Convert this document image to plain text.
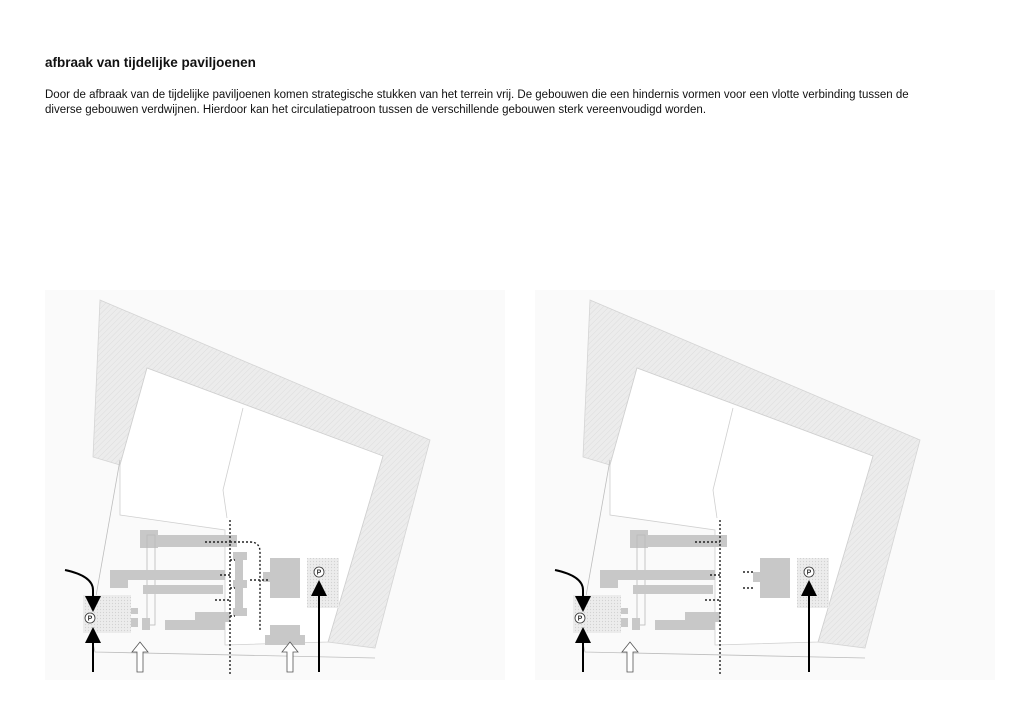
afbraak van tijdelijke paviljoenen
Door de afbraak van de tijdelijke paviljoenen komen strategische stukken van het terrein vrij. De gebouwen die een hindernis vormen voor een vlotte verbinding tussen de
diverse gebouwen verdwijnen. Hierdoor kan het circulatiepatroon tussen de verschillende gebouwen sterk vereenvoudigd worden.
P
P
P
P
